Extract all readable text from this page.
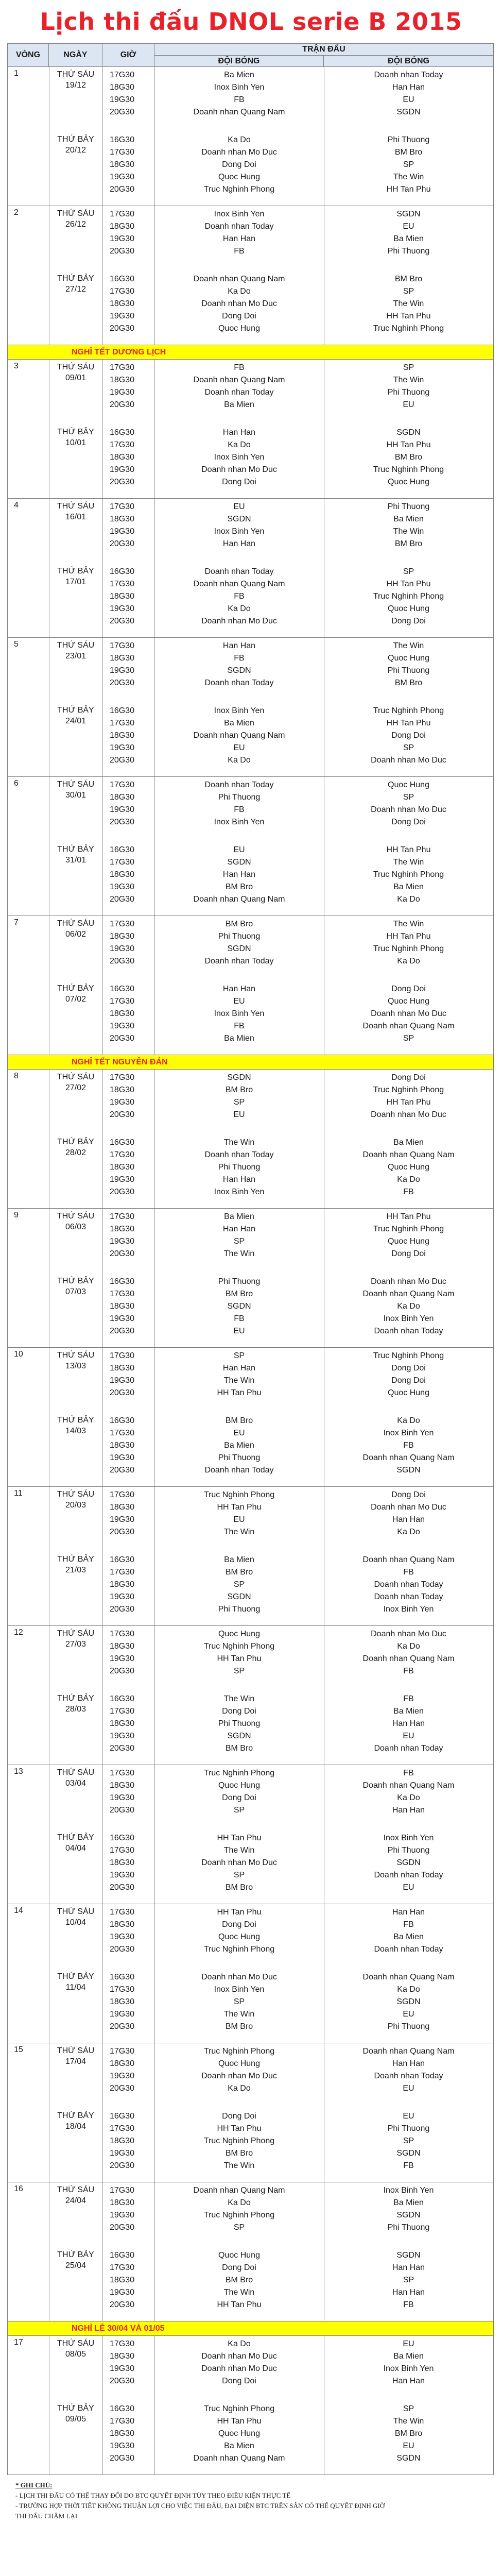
Lịch thi đấu DNOL serie B 2015
VÒNG	NGÀY	GIỜ
TRẬN ĐẤU
ĐỘI BÓNG	ĐỘI BÓNG
1	THỨ SÁU
19/12
17G30	Ba Mien	Doanh nhan Today
18G30	Inox Binh Yen	Han Han
19G30	FB	EU
20G30	Doanh nhan Quang Nam	SGDN
THỨ BẢY
20/12
16G30	Ka Do	Phi Thuong
17G30	Doanh nhan Mo Duc	BM Bro
18G30	Dong Doi	SP
19G30	Quoc Hung	The Win
20G30	Truc Nghinh Phong	HH Tan Phu
2	THỨ SÁU
26/12
17G30	Inox Binh Yen	SGDN
18G30	Doanh nhan Today	EU
19G30	Han Han	Ba Mien
20G30	FB	Phi Thuong
THỨ BẢY
27/12
16G30	Doanh nhan Quang Nam	BM Bro
17G30	Ka Do	SP
18G30	Doanh nhan Mo Duc	The Win
19G30	Dong Doi	HH Tan Phu
20G30	Quoc Hung	Truc Nghinh Phong
NGHỈ TẾT DƯƠNG LỊCH
3	THỨ SÁU
09/01
17G30	FB	SP
18G30	Doanh nhan Quang Nam	The Win
19G30	Doanh nhan Today	Phi Thuong
20G30	Ba Mien	EU
THỨ BẢY
10/01
16G30	Han Han	SGDN
17G30	Ka Do	HH Tan Phu
18G30	Inox Binh Yen	BM Bro
19G30	Doanh nhan Mo Duc	Truc Nghinh Phong
20G30	Dong Doi	Quoc Hung
4	THỨ SÁU
16/01
17G30	EU	Phi Thuong
18G30	SGDN	Ba Mien
19G30	Inox Binh Yen	The Win
20G30	Han Han	BM Bro
THỨ BẢY
17/01
16G30	Doanh nhan Today	SP
17G30	Doanh nhan Quang Nam	HH Tan Phu
18G30	FB	Truc Nghinh Phong
19G30	Ka Do	Quoc Hung
20G30	Doanh nhan Mo Duc	Dong Doi
5	THỨ SÁU
23/01
17G30	Han Han	The Win
18G30	FB	Quoc Hung
19G30	SGDN	Phi Thuong
20G30	Doanh nhan Today	BM Bro
THỨ BẢY
24/01
16G30	Inox Binh Yen	Truc Nghinh Phong
17G30	Ba Mien	HH Tan Phu
18G30	Doanh nhan Quang Nam	Dong Doi
19G30	EU	SP
20G30	Ka Do	Doanh nhan Mo Duc
6	THỨ SÁU
30/01
17G30	Doanh nhan Today	Quoc Hung
18G30	Phi Thuong	SP
19G30	FB	Doanh nhan Mo Duc
20G30	Inox Binh Yen	Dong Doi
THỨ BẢY
31/01
16G30	EU	HH Tan Phu
17G30	SGDN	The Win
18G30	Han Han	Truc Nghinh Phong
19G30	BM Bro	Ba Mien
20G30	Doanh nhan Quang Nam	Ka Do
7	THỨ SÁU
06/02
17G30	BM Bro	The Win
18G30	Phi Thuong	HH Tan Phu
19G30	SGDN	Truc Nghinh Phong
20G30	Doanh nhan Today	Ka Do
THỨ BẢY
07/02
16G30	Han Han	Dong Doi
17G30	EU	Quoc Hung
18G30	Inox Binh Yen	Doanh nhan Mo Duc
19G30	FB	Doanh nhan Quang Nam
20G30	Ba Mien	SP
NGHỈ TẾT NGUYÊN ĐÁN
8	THỨ SÁU
27/02
17G30	SGDN	Dong Doi
18G30	BM Bro	Truc Nghinh Phong
19G30	SP	HH Tan Phu
20G30	EU	Doanh nhan Mo Duc
THỨ BẢY
28/02
16G30	The Win	Ba Mien
17G30	Doanh nhan Today	Doanh nhan Quang Nam
18G30	Phi Thuong	Quoc Hung
19G30	Han Han	Ka Do
20G30	Inox Binh Yen	FB
9	THỨ SÁU
06/03
17G30	Ba Mien	HH Tan Phu
18G30	Han Han	Truc Nghinh Phong
19G30	SP	Quoc Hung
20G30	The Win	Dong Doi
THỨ BẢY
07/03
16G30	Phi Thuong	Doanh nhan Mo Duc
17G30	BM Bro	Doanh nhan Quang Nam
18G30	SGDN	Ka Do
19G30	FB	Inox Binh Yen
20G30	EU	Doanh nhan Today
10	THỨ SÁU
13/03
17G30	SP	Truc Nghinh Phong
18G30	Han Han	Dong Doi
19G30	The Win	Dong Doi
20G30	HH Tan Phu	Quoc Hung
THỨ BẢY
14/03
16G30	BM Bro	Ka Do
17G30	EU	Inox Binh Yen
18G30	Ba Mien	FB
19G30	Phi Thuong	Doanh nhan Quang Nam
20G30	Doanh nhan Today	SGDN
11	THỨ SÁU
20/03
17G30	Truc Nghinh Phong	Dong Doi
18G30	HH Tan Phu	Doanh nhan Mo Duc
19G30	EU	Han Han
20G30	The Win	Ka Do
THỨ BẢY
21/03
16G30	Ba Mien	Doanh nhan Quang Nam
17G30	BM Bro	FB
18G30	SP	Doanh nhan Today
19G30	SGDN	Doanh nhan Today
20G30	Phi Thuong	Inox Binh Yen
12	THỨ SÁU
27/03
17G30	Quoc Hung	Doanh nhan Mo Duc
18G30	Truc Nghinh Phong	Ka Do
19G30	HH Tan Phu	Doanh nhan Quang Nam
20G30	SP	FB
THỨ BẢY
28/03
16G30	The Win	FB
17G30	Dong Doi	Ba Mien
18G30	Phi Thuong	Han Han
19G30	SGDN	EU
20G30	BM Bro	Doanh nhan Today
13	THỨ SÁU
03/04
17G30	Truc Nghinh Phong	FB
18G30	Quoc Hung	Doanh nhan Quang Nam
19G30	Dong Doi	Ka Do
20G30	SP	Han Han
THỨ BẢY
04/04
16G30	HH Tan Phu	Inox Binh Yen
17G30	The Win	Phi Thuong
18G30	Doanh nhan Mo Duc	SGDN
19G30	SP	Doanh nhan Today
20G30	BM Bro	EU
14	THỨ SÁU
10/04
17G30	HH Tan Phu	Han Han
18G30	Dong Doi	FB
19G30	Quoc Hung	Ba Mien
20G30	Truc Nghinh Phong	Doanh nhan Today
THỨ BẢY
11/04
16G30	Doanh nhan Mo Duc	Doanh nhan Quang Nam
17G30	Inox Binh Yen	Ka Do
18G30	SP	SGDN
19G30	The Win	EU
20G30	BM Bro	Phi Thuong
15	THỨ SÁU
17/04
17G30	Truc Nghinh Phong	Doanh nhan Quang Nam
18G30	Quoc Hung	Han Han
19G30	Doanh nhan Mo Duc	Doanh nhan Today
20G30	Ka Do	EU
THỨ BẢY
18/04
16G30	Dong Doi	EU
17G30	HH Tan Phu	Phi Thuong
18G30	Truc Nghinh Phong	SP
19G30	BM Bro	SGDN
20G30	The Win	FB
16	THỨ SÁU
24/04
17G30	Doanh nhan Quang Nam	Inox Binh Yen
18G30	Ka Do	Ba Mien
19G30	Truc Nghinh Phong	SGDN
20G30	SP	Phi Thuong
THỨ BẢY
25/04
16G30	Quoc Hung	SGDN
17G30	Dong Doi	Han Han
18G30	BM Bro	SP
19G30	The Win	Han Han
20G30	HH Tan Phu	FB
NGHỈ LỄ 30/04 VÀ 01/05
17	THỨ SÁU
08/05
17G30	Ka Do	EU
18G30	Doanh nhan Mo Duc	Ba Mien
19G30	Doanh nhan Mo Duc	Inox Binh Yen
20G30	Dong Doi	Han Han
THỨ BẢY
09/05
16G30	Truc Nghinh Phong	SP
17G30	HH Tan Phu	The Win
18G30	Quoc Hung	BM Bro
19G30	Ba Mien	EU
20G30	Doanh nhan Quang Nam	SGDN
* GHI CHÚ:
- LỊCH THI ĐẤU CÓ THỂ THAY ĐỔI DO BTC QUYẾT ĐỊNH TÙY THEO ĐIỀU KIỆN THỰC TẾ
- TRƯỜNG HỢP THỜI TIẾT KHÔNG THUẬN LỢI CHO VIỆC THI ĐẤU, ĐẠI DIỆN BTC TRÊN SÂN CÓ THỂ QUYẾT ĐỊNH GIỜ
THI ĐẤU CHẬM LẠI
